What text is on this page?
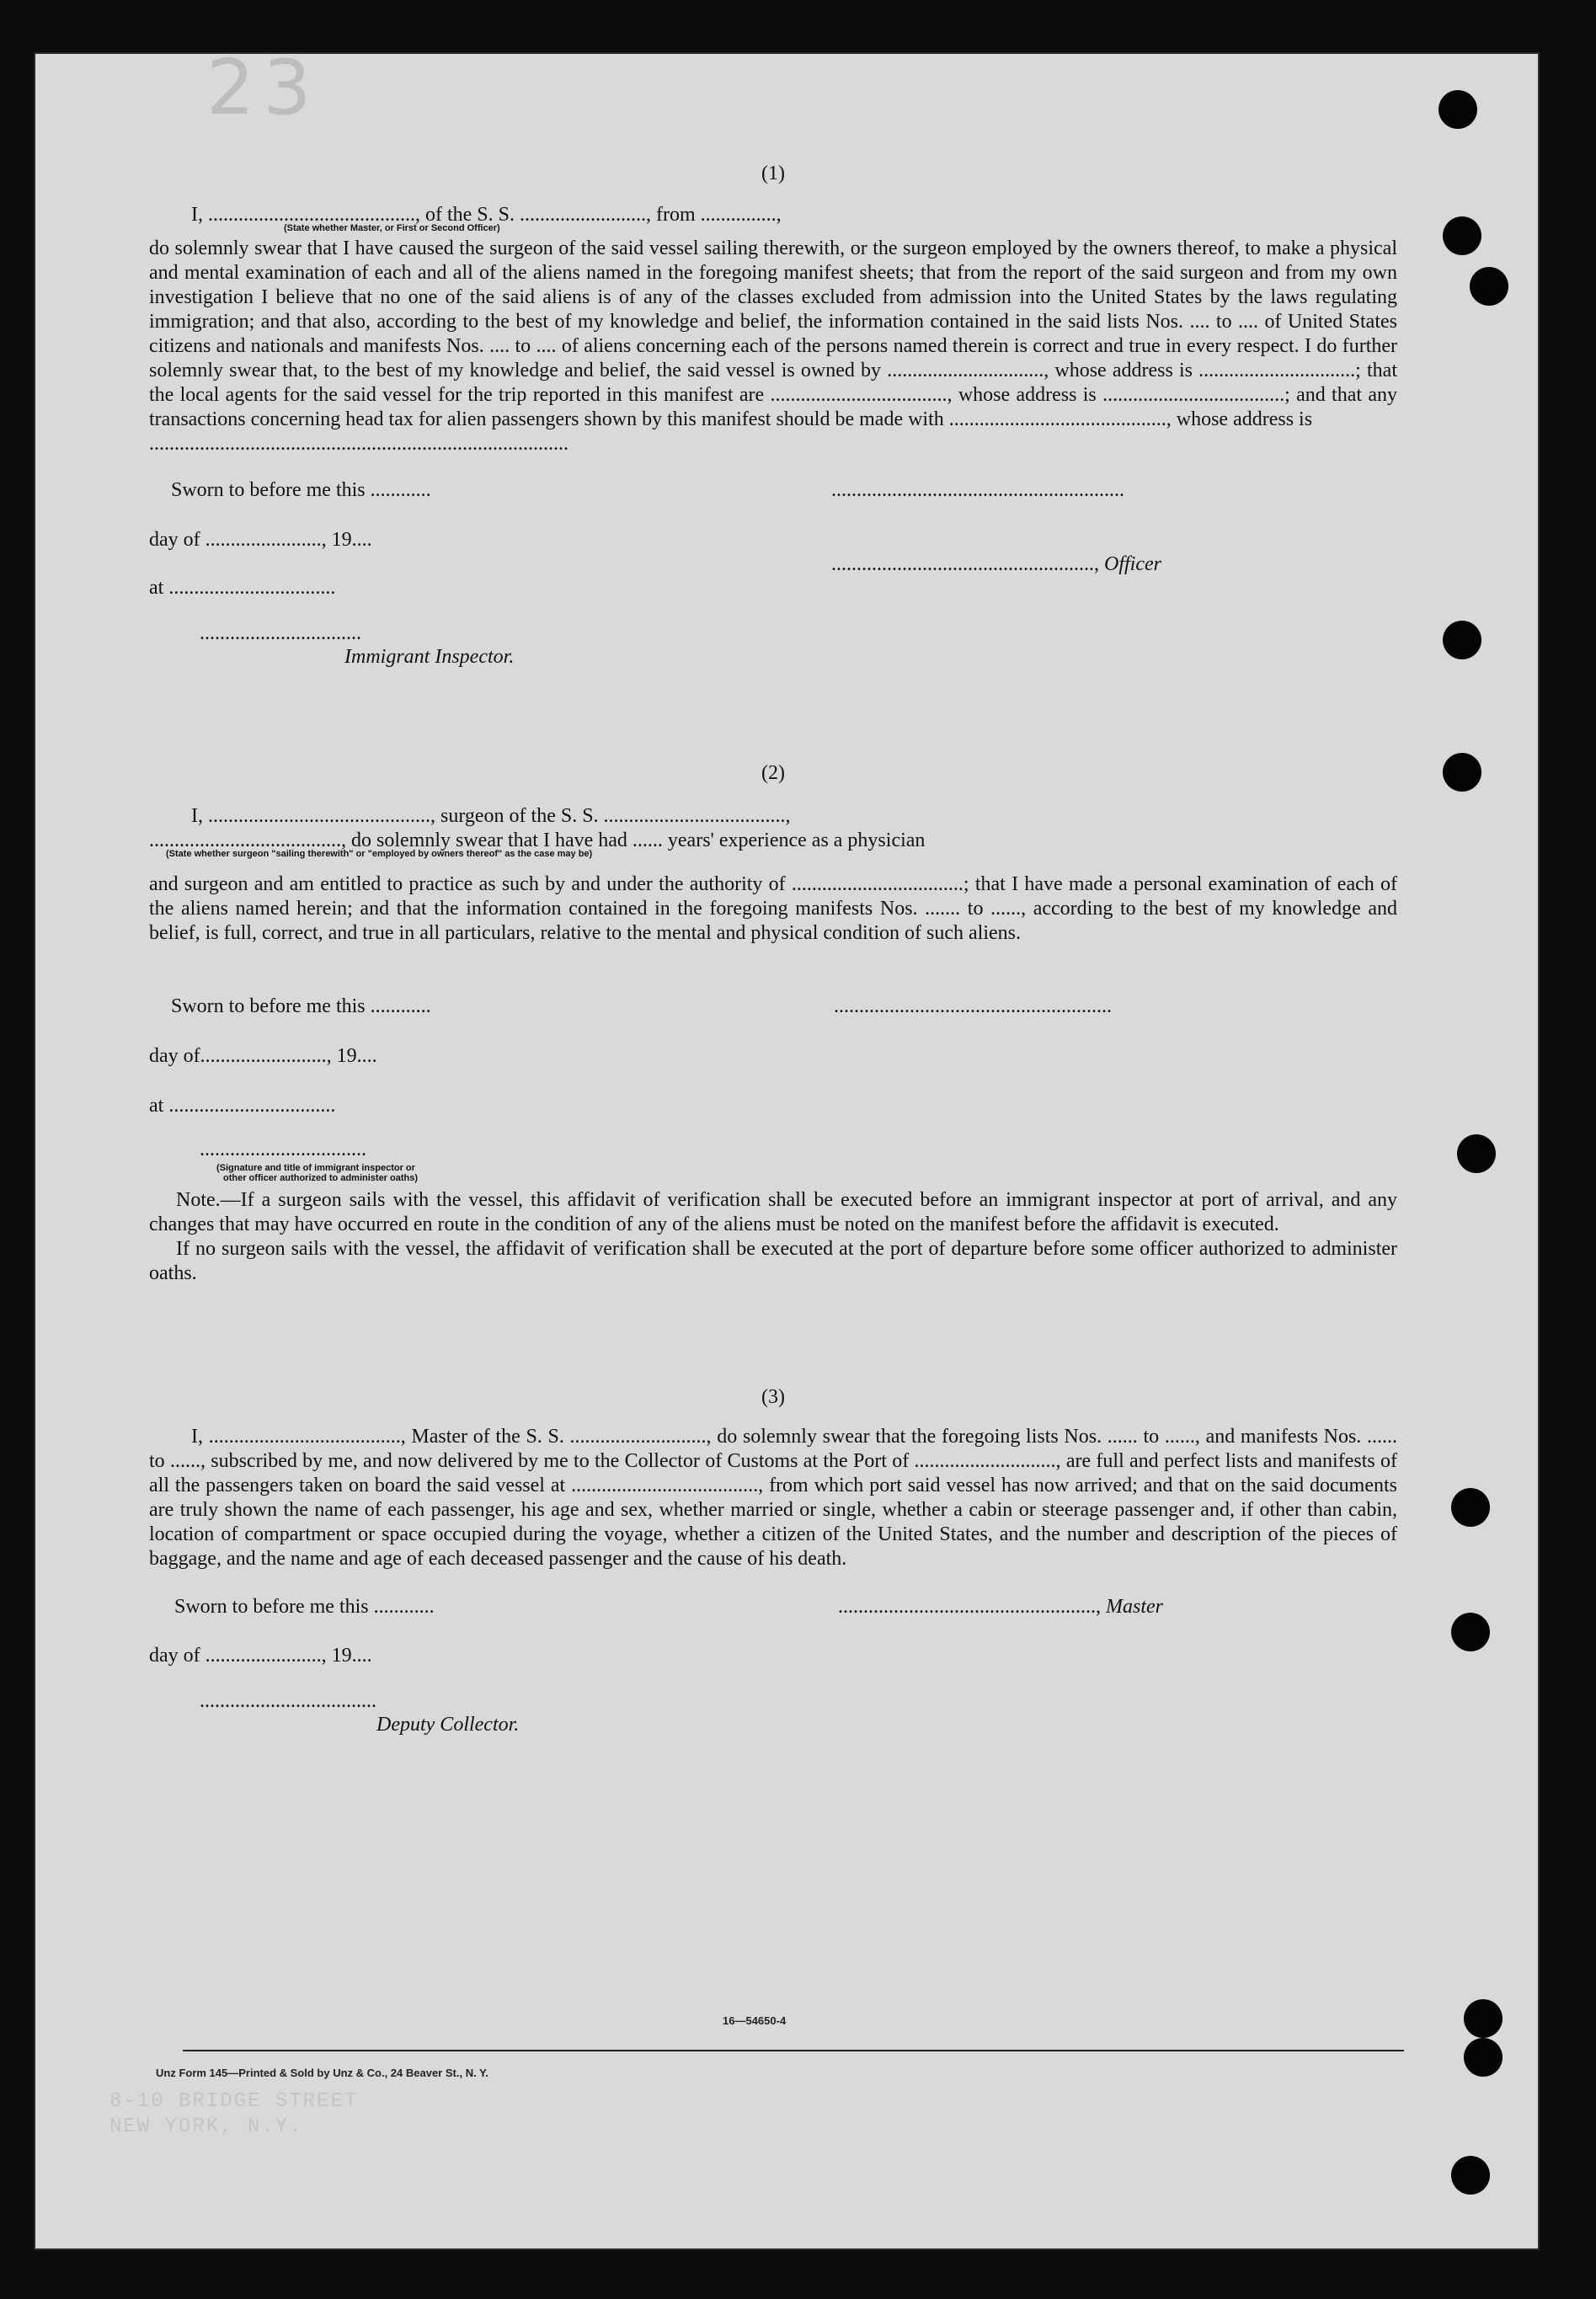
23
8-10 BRIDGE STREET
NEW YORK, N.Y.
(1)
I, ........................................., of the S. S. ........................., from ...............,
(State whether Master, or First or Second Officer)

do solemnly swear that I have caused the surgeon of the said vessel sailing therewith, or the surgeon employed by the owners thereof, to make a physical and mental examination of each and all of the aliens named in the foregoing manifest sheets; that from the report of the said surgeon and from my own investigation I believe that no one of the said aliens is of any of the classes excluded from admission into the United States by the laws regulating immigration; and that also, according to the best of my knowledge and belief, the information contained in the said lists Nos. .... to .... of United States citizens and nationals and manifests Nos. .... to .... of aliens concerning each of the persons named therein is correct and true in every respect. I do further solemnly swear that, to the best of my knowledge and belief, the said vessel is owned by ..............................., whose address is ...............................; that the local agents for the said vessel for the trip reported in this manifest are ..................................., whose address is ....................................; and that any transactions concerning head tax for alien passengers shown by this manifest should be made with ..........................................., whose address is

...................................................................................
Sworn to before me this ............	..........................................................
day of ......................., 19....
...................................................., Officer
at .................................
................................
Immigrant Inspector.
(2)
I, ............................................, surgeon of the S. S. ....................................,
......................................, do solemnly swear that I have had ...... years' experience as a physician
(State whether surgeon "sailing therewith" or "employed by owners thereof" as the case may be)

and surgeon and am entitled to practice as such by and under the authority of ..................................; that I have made a personal examination of each of the aliens named herein; and that the information contained in the foregoing manifests Nos. ....... to ......, according to the best of my knowledge and belief, is full, correct, and true in all particulars, relative to the mental and physical condition of such aliens.

Sworn to before me this ............	.......................................................
day of........................., 19....
at .................................
.................................
(Signature and title of immigrant inspector or
other officer authorized to administer oaths)

Note.—If a surgeon sails with the vessel, this affidavit of verification shall be executed before an immigrant inspector at port of arrival, and any changes that may have occurred en route in the condition of any of the aliens must be noted on the manifest before the affidavit is executed.

If no surgeon sails with the vessel, the affidavit of verification shall be executed at the port of departure before some officer authorized to administer oaths.

(3)

I, ......................................, Master of the S. S. ..........................., do solemnly swear that the foregoing lists Nos. ...... to ......, and manifests Nos. ...... to ......, subscribed by me, and now delivered by me to the Collector of Customs at the Port of ............................, are full and perfect lists and manifests of all the passengers taken on board the said vessel at ....................................., from which port said vessel has now arrived; and that on the said documents are truly shown the name of each passenger, his age and sex, whether married or single, whether a cabin or steerage passenger and, if other than cabin, location of compartment or space occupied during the voyage, whether a citizen of the United States, and the number and description of the pieces of baggage, and the name and age of each deceased passenger and the cause of his death.

Sworn to before me this ............	..................................................., Master
day of ......................., 19....
...................................
Deputy Collector.
16—54650-4
Unz Form 145—Printed & Sold by Unz & Co., 24 Beaver St., N. Y.
